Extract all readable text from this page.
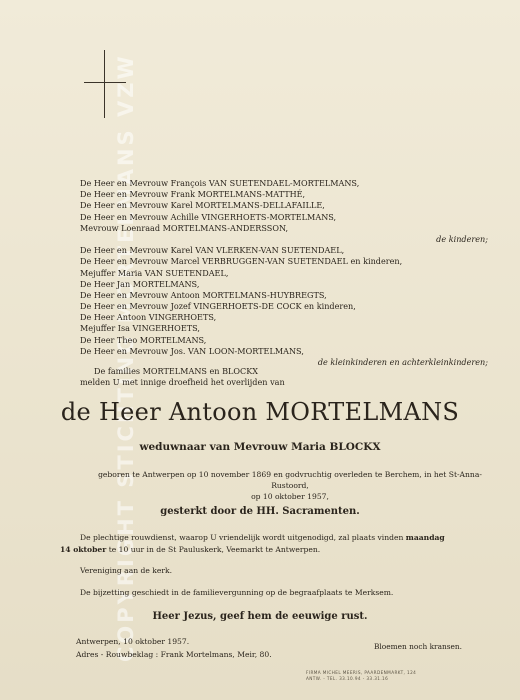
COPYRIGHT STICHTING MORTELMANS VZW
De Heer en Mevrouw François VAN SUETENDAEL-MORTELMANS,
De Heer en Mevrouw Frank MORTELMANS-MATTHÉ,
De Heer en Mevrouw Karel MORTELMANS-DELLAFAILLE,
De Heer en Mevrouw Achille VINGERHOETS-MORTELMANS,
Mevrouw Loenraad MORTELMANS-ANDERSSON,
de kinderen;
De Heer en Mevrouw Karel VAN VLERKEN-VAN SUETENDAEL,
De Heer en Mevrouw Marcel VERBRUGGEN-VAN SUETENDAEL en kinderen,
Mejuffer Maria VAN SUETENDAEL,
De Heer Jan MORTELMANS,
De Heer en Mevrouw Antoon MORTELMANS-HUYBREGTS,
De Heer en Mevrouw Jozef VINGERHOETS-DE COCK en kinderen,
De Heer Antoon VINGERHOETS,
Mejuffer Isa VINGERHOETS,
De Heer Theo MORTELMANS,
De Heer en Mevrouw Jos. VAN LOON-MORTELMANS,
de kleinkinderen en achterkleinkinderen;
De families MORTELMANS en BLOCKX
melden U met innige droefheid het overlijden van
de Heer Antoon MORTELMANS
weduwnaar van Mevrouw Maria BLOCKX
geboren te Antwerpen op 10 november 1869 en godvruchtig overleden te Berchem, in het St-Anna-Rustoord,
op 10 oktober 1957,
gesterkt door de HH. Sacramenten.
De plechtige rouwdienst, waarop U vriendelijk wordt uitgenodigd, zal plaats vinden maandag
14 oktober te 10 uur in de St Pauluskerk, Veemarkt te Antwerpen.
Vereniging aan de kerk.
De bijzetting geschiedt in de familievergunning op de begraafplaats te Merksem.
Heer Jezus, geef hem de eeuwige rust.
Antwerpen, 10 oktober 1957.
Adres - Rouwbeklag : Frank Mortelmans, Meir, 80.
Bloemen noch kransen.
FIRMA MICHEL MEERIS, PAARDENMARKT, 124
ANTW. - TEL. 33.10.94 - 33.31.16
